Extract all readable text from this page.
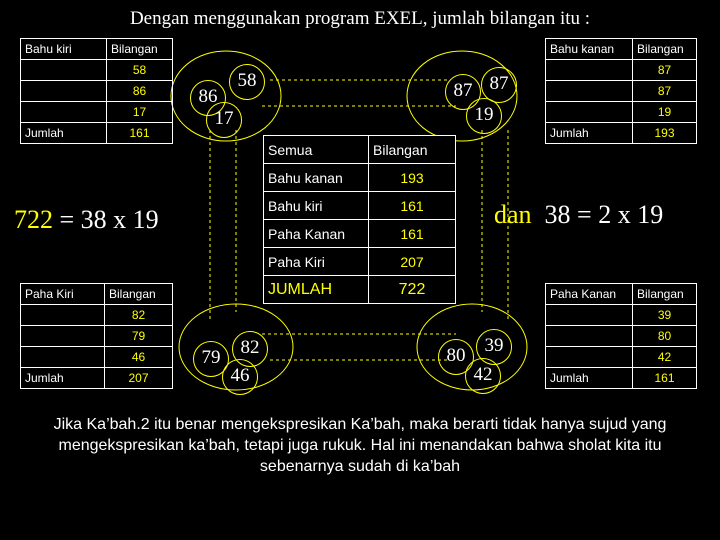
Dengan menggunakan program EXEL, jumlah bilangan itu :
Bahu kiri	Bilangan
	58
	86
	17
Jumlah	161
Bahu kanan	Bilangan
	87
	87
	19
Jumlah	193
Paha Kiri	Bilangan
	82
	79
	46
Jumlah	207
Paha Kanan	Bilangan
	39
	80
	42
Jumlah	161
Semua	Bilangan
Bahu kanan	193
Bahu kiri	161
Paha Kanan	161
Paha Kiri	207
JUMLAH	722
58
86
17
87 87
19
82
79
46
39
80
42
722 = 38 x 19	dan  38 = 2 x 19
Jika Ka’bah.2 itu benar mengekspresikan Ka’bah, maka berarti tidak hanya sujud yang mengekspresikan ka’bah, tetapi juga rukuk. Hal ini menandakan bahwa sholat kita itu sebenarnya sudah di ka’bah
